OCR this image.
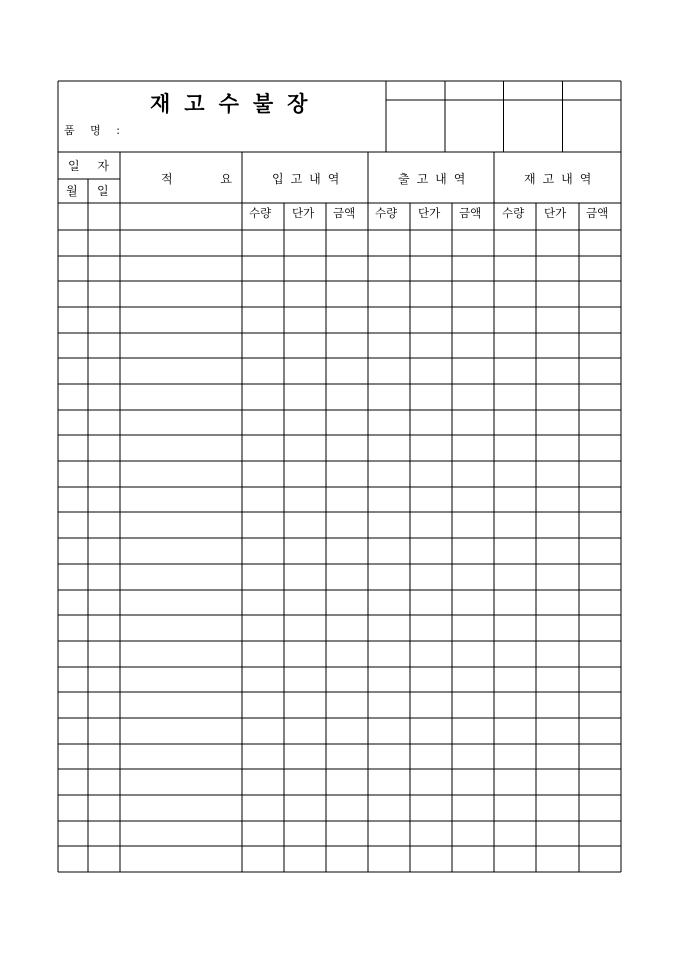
재고수불장
품 명 :
일 자
월 일
적 요 입고내역	출고내역	재고내역
수량 단가 금액 수량 단가 금액 수량 단가 금액
